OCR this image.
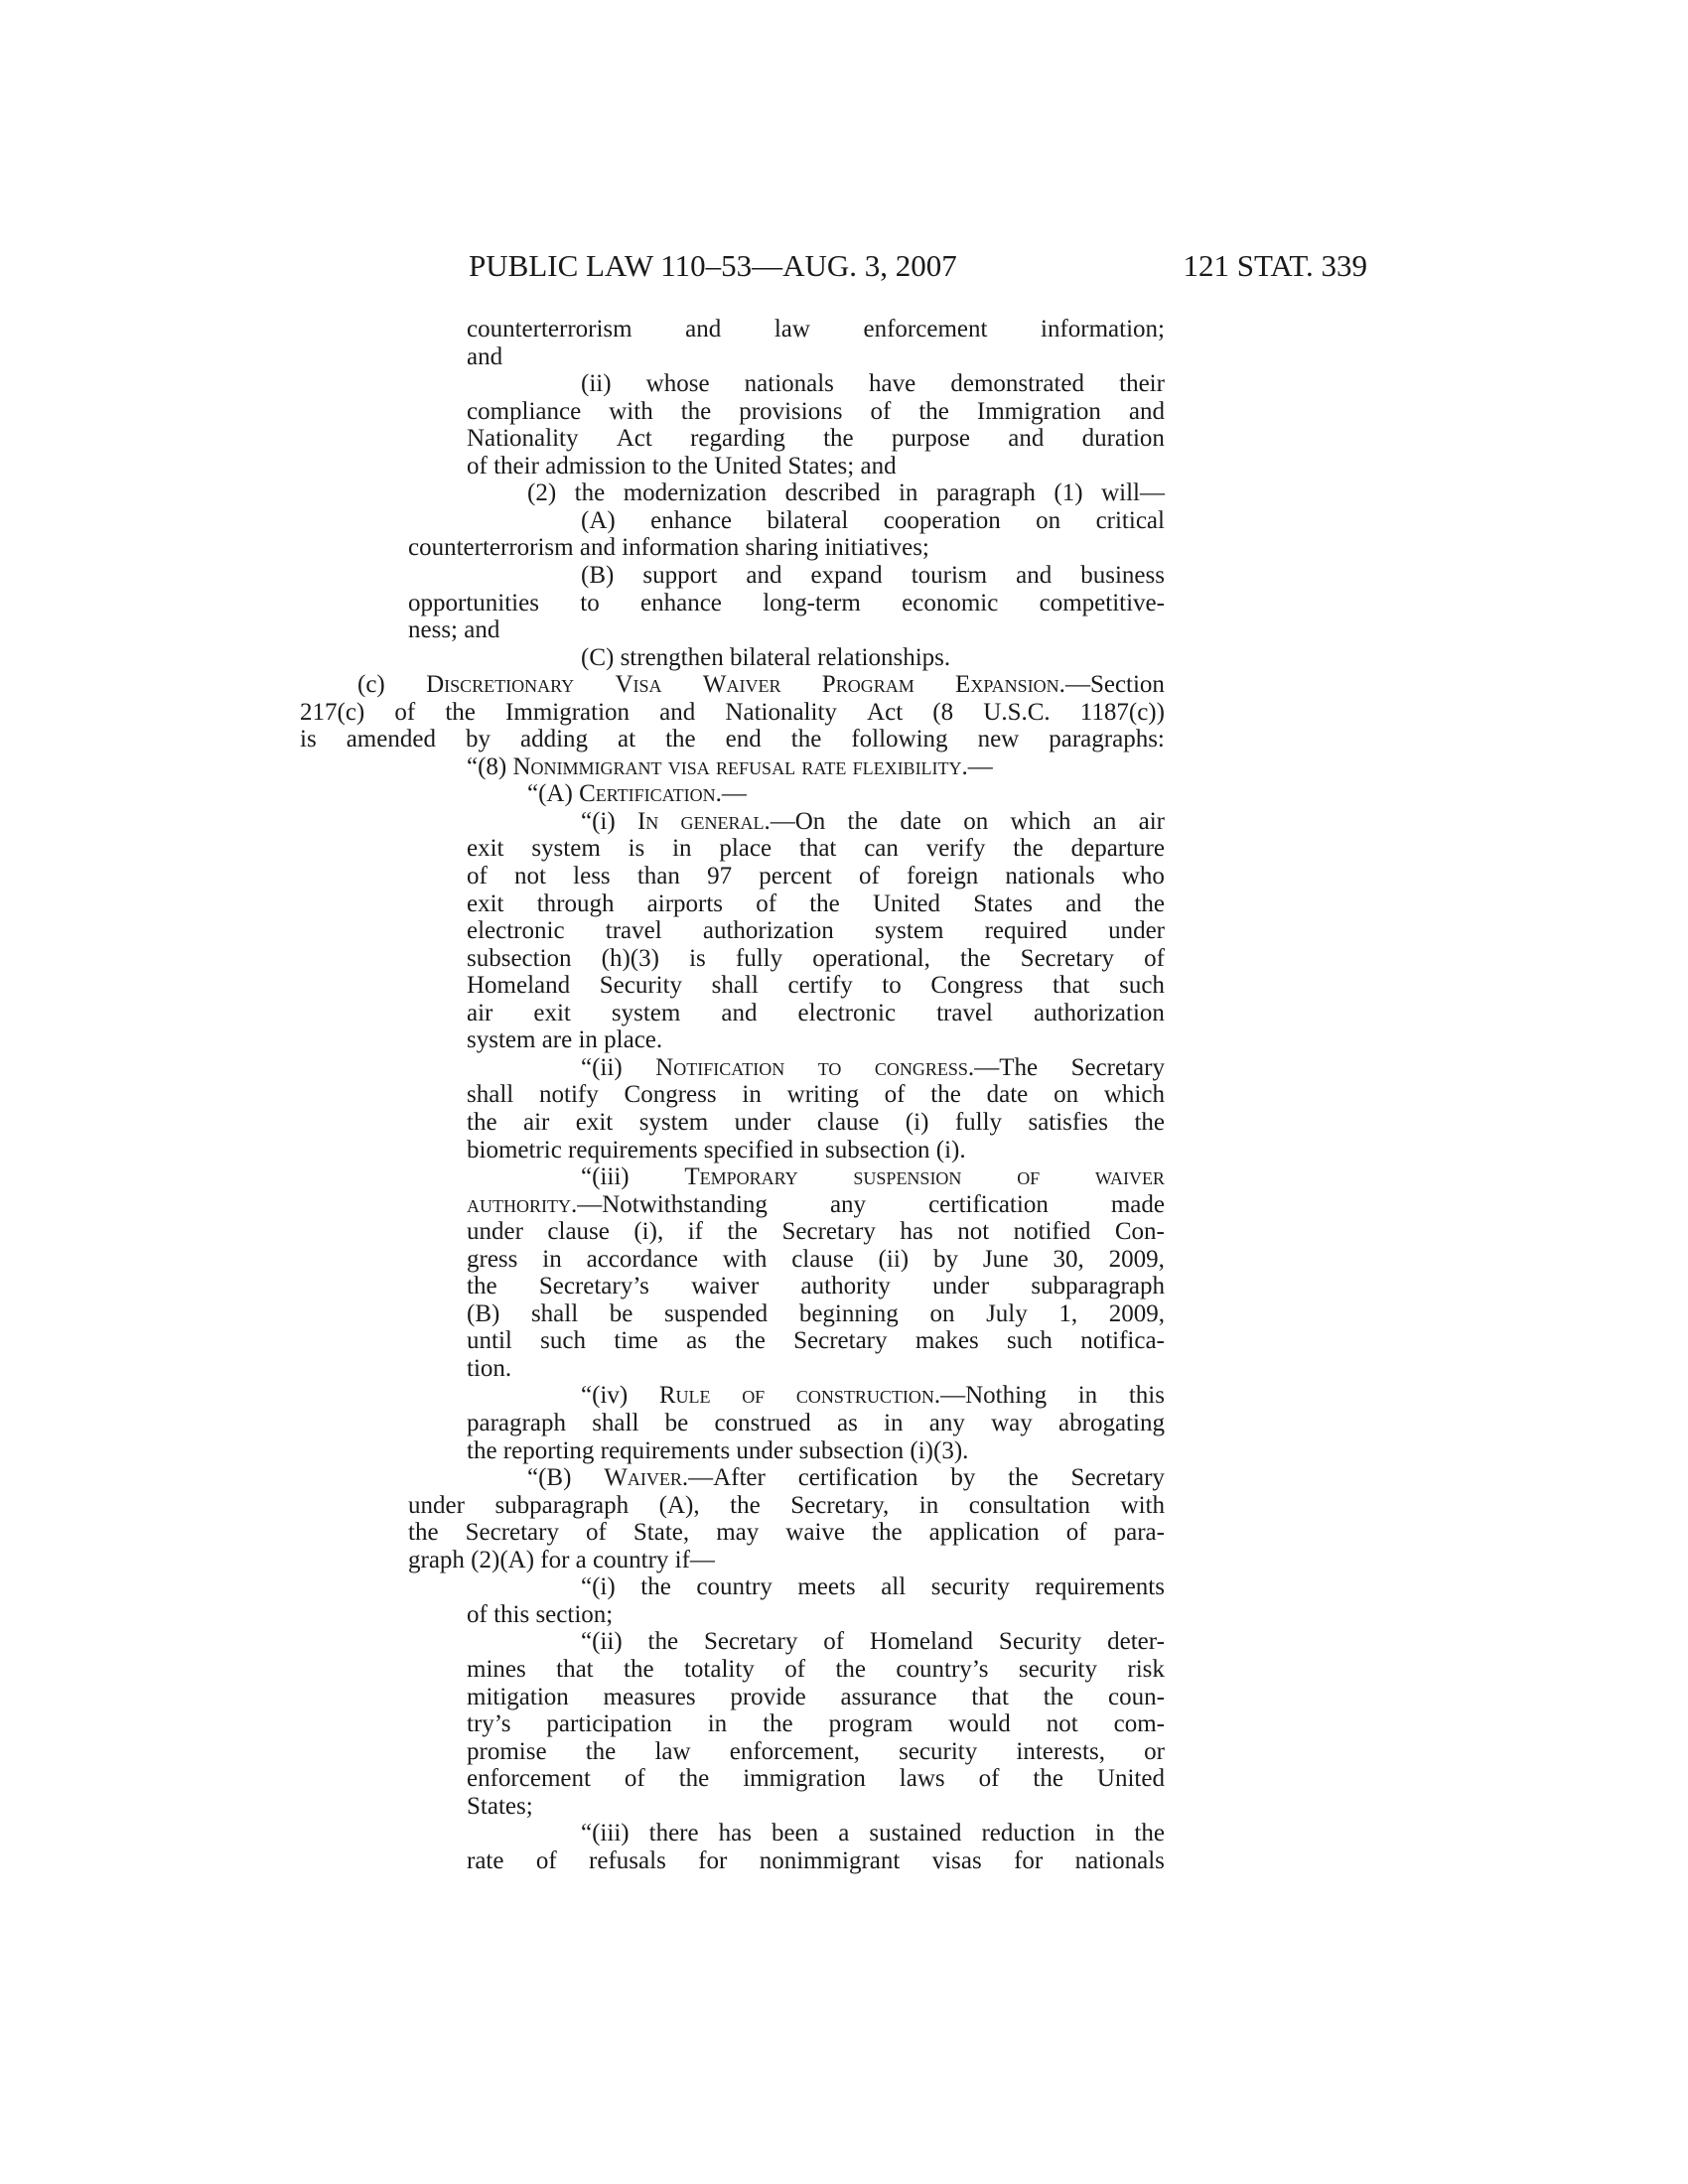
PUBLIC LAW 110–53—AUG. 3, 2007	121 STAT. 339
counterterrorism and law enforcement information;
and
(ii) whose nationals have demonstrated their
compliance with the provisions of the Immigration and
Nationality Act regarding the purpose and duration
of their admission to the United States; and
(2) the modernization described in paragraph (1) will—
(A) enhance bilateral cooperation on critical
counterterrorism and information sharing initiatives;
(B) support and expand tourism and business
opportunities to enhance long-term economic competitive-
ness; and
(C) strengthen bilateral relationships.
(c) Discretionary Visa Waiver Program Expansion.—Section
217(c) of the Immigration and Nationality Act (8 U.S.C. 1187(c))
is amended by adding at the end the following new paragraphs:
“(8) Nonimmigrant visa refusal rate flexibility.—
“(A) Certification.—
“(i) In general.—On the date on which an air
exit system is in place that can verify the departure
of not less than 97 percent of foreign nationals who
exit through airports of the United States and the
electronic travel authorization system required under
subsection (h)(3) is fully operational, the Secretary of
Homeland Security shall certify to Congress that such
air exit system and electronic travel authorization
system are in place.
“(ii) Notification to congress.—The Secretary
shall notify Congress in writing of the date on which
the air exit system under clause (i) fully satisfies the
biometric requirements specified in subsection (i).
“(iii) Temporary suspension of waiver
authority.—Notwithstanding	any	certification	made
under clause (i), if the Secretary has not notified Con-
gress in accordance with clause (ii) by June 30, 2009,
the Secretary’s waiver authority under subparagraph
(B) shall be suspended beginning on July 1, 2009,
until such time as the Secretary makes such notifica-
tion.
“(iv) Rule of construction.—Nothing in this
paragraph shall be construed as in any way abrogating
the reporting requirements under subsection (i)(3).
“(B) Waiver.—After certification by the Secretary
under subparagraph (A), the Secretary, in consultation with
the Secretary of State, may waive the application of para-
graph (2)(A) for a country if—
“(i) the country meets all security requirements
of this section;
“(ii) the Secretary of Homeland Security deter-
mines that the totality of the country’s security risk
mitigation measures provide assurance that the coun-
try’s participation in the program would not com-
promise the law enforcement, security interests, or
enforcement of the immigration laws of the United
States;
“(iii) there has been a sustained reduction in the
rate of refusals for nonimmigrant visas for nationals
